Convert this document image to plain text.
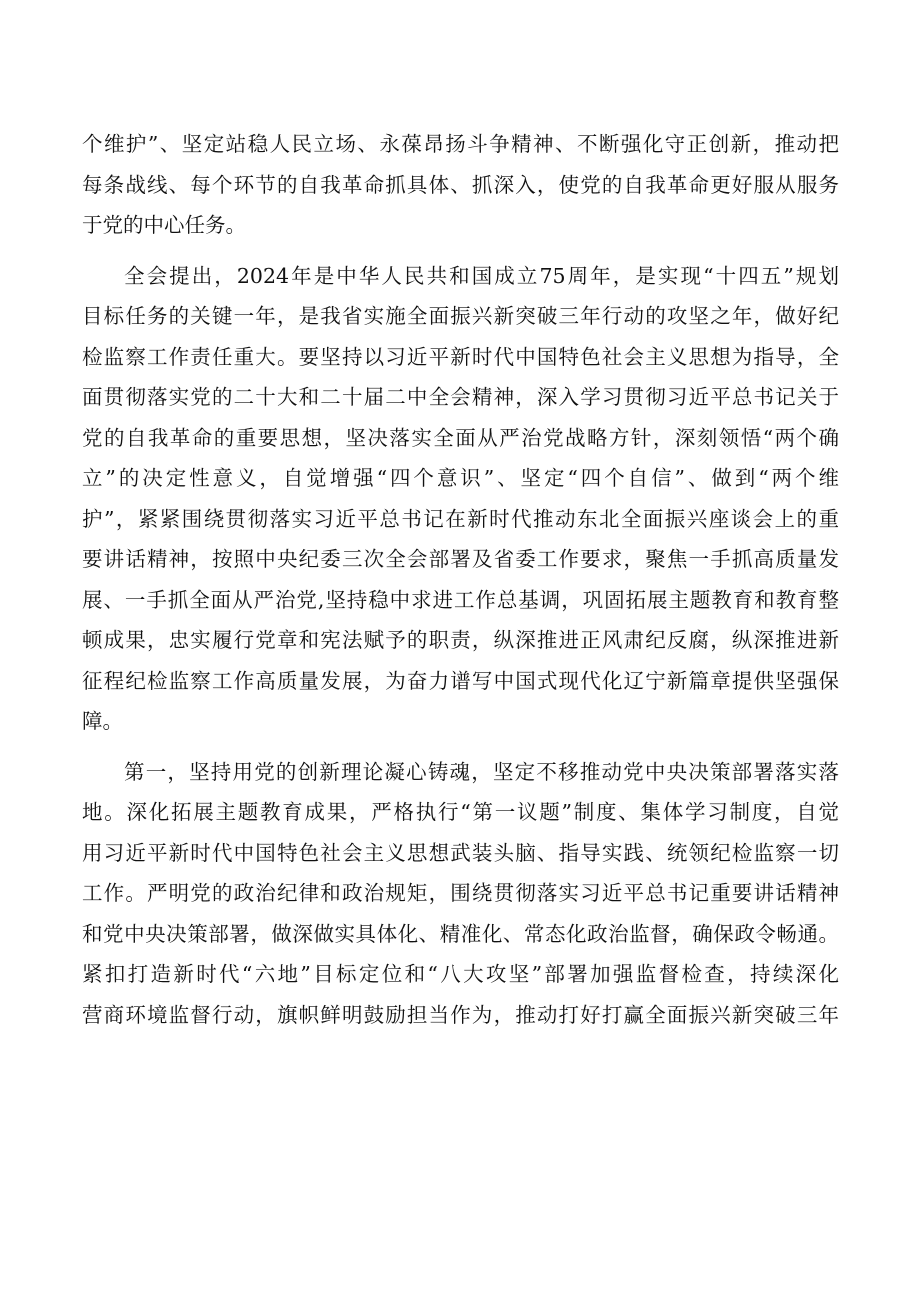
个维护”、坚定站稳人民立场、永葆昂扬斗争精神、不断强化守正创新，推动把
每条战线、每个环节的自我革命抓具体、抓深入，使党的自我革命更好服从服务
于党的中心任务。
全会提出，2024年是中华人民共和国成立75周年，是实现“十四五”规划
目标任务的关键一年，是我省实施全面振兴新突破三年行动的攻坚之年，做好纪
检监察工作责任重大。要坚持以习近平新时代中国特色社会主义思想为指导，全
面贯彻落实党的二十大和二十届二中全会精神，深入学习贯彻习近平总书记关于
党的自我革命的重要思想，坚决落实全面从严治党战略方针，深刻领悟“两个确
立”的决定性意义，自觉增强“四个意识”、坚定“四个自信”、做到“两个维
护”，紧紧围绕贯彻落实习近平总书记在新时代推动东北全面振兴座谈会上的重
要讲话精神，按照中央纪委三次全会部署及省委工作要求，聚焦一手抓高质量发
展、一手抓全面从严治党,坚持稳中求进工作总基调，巩固拓展主题教育和教育整
顿成果，忠实履行党章和宪法赋予的职责，纵深推进正风肃纪反腐，纵深推进新
征程纪检监察工作高质量发展，为奋力谱写中国式现代化辽宁新篇章提供坚强保
障。
第一，坚持用党的创新理论凝心铸魂，坚定不移推动党中央决策部署落实落
地。深化拓展主题教育成果，严格执行“第一议题”制度、集体学习制度，自觉
用习近平新时代中国特色社会主义思想武装头脑、指导实践、统领纪检监察一切
工作。严明党的政治纪律和政治规矩，围绕贯彻落实习近平总书记重要讲话精神
和党中央决策部署，做深做实具体化、精准化、常态化政治监督，确保政令畅通。
紧扣打造新时代“六地”目标定位和“八大攻坚”部署加强监督检查，持续深化
营商环境监督行动，旗帜鲜明鼓励担当作为，推动打好打赢全面振兴新突破三年
